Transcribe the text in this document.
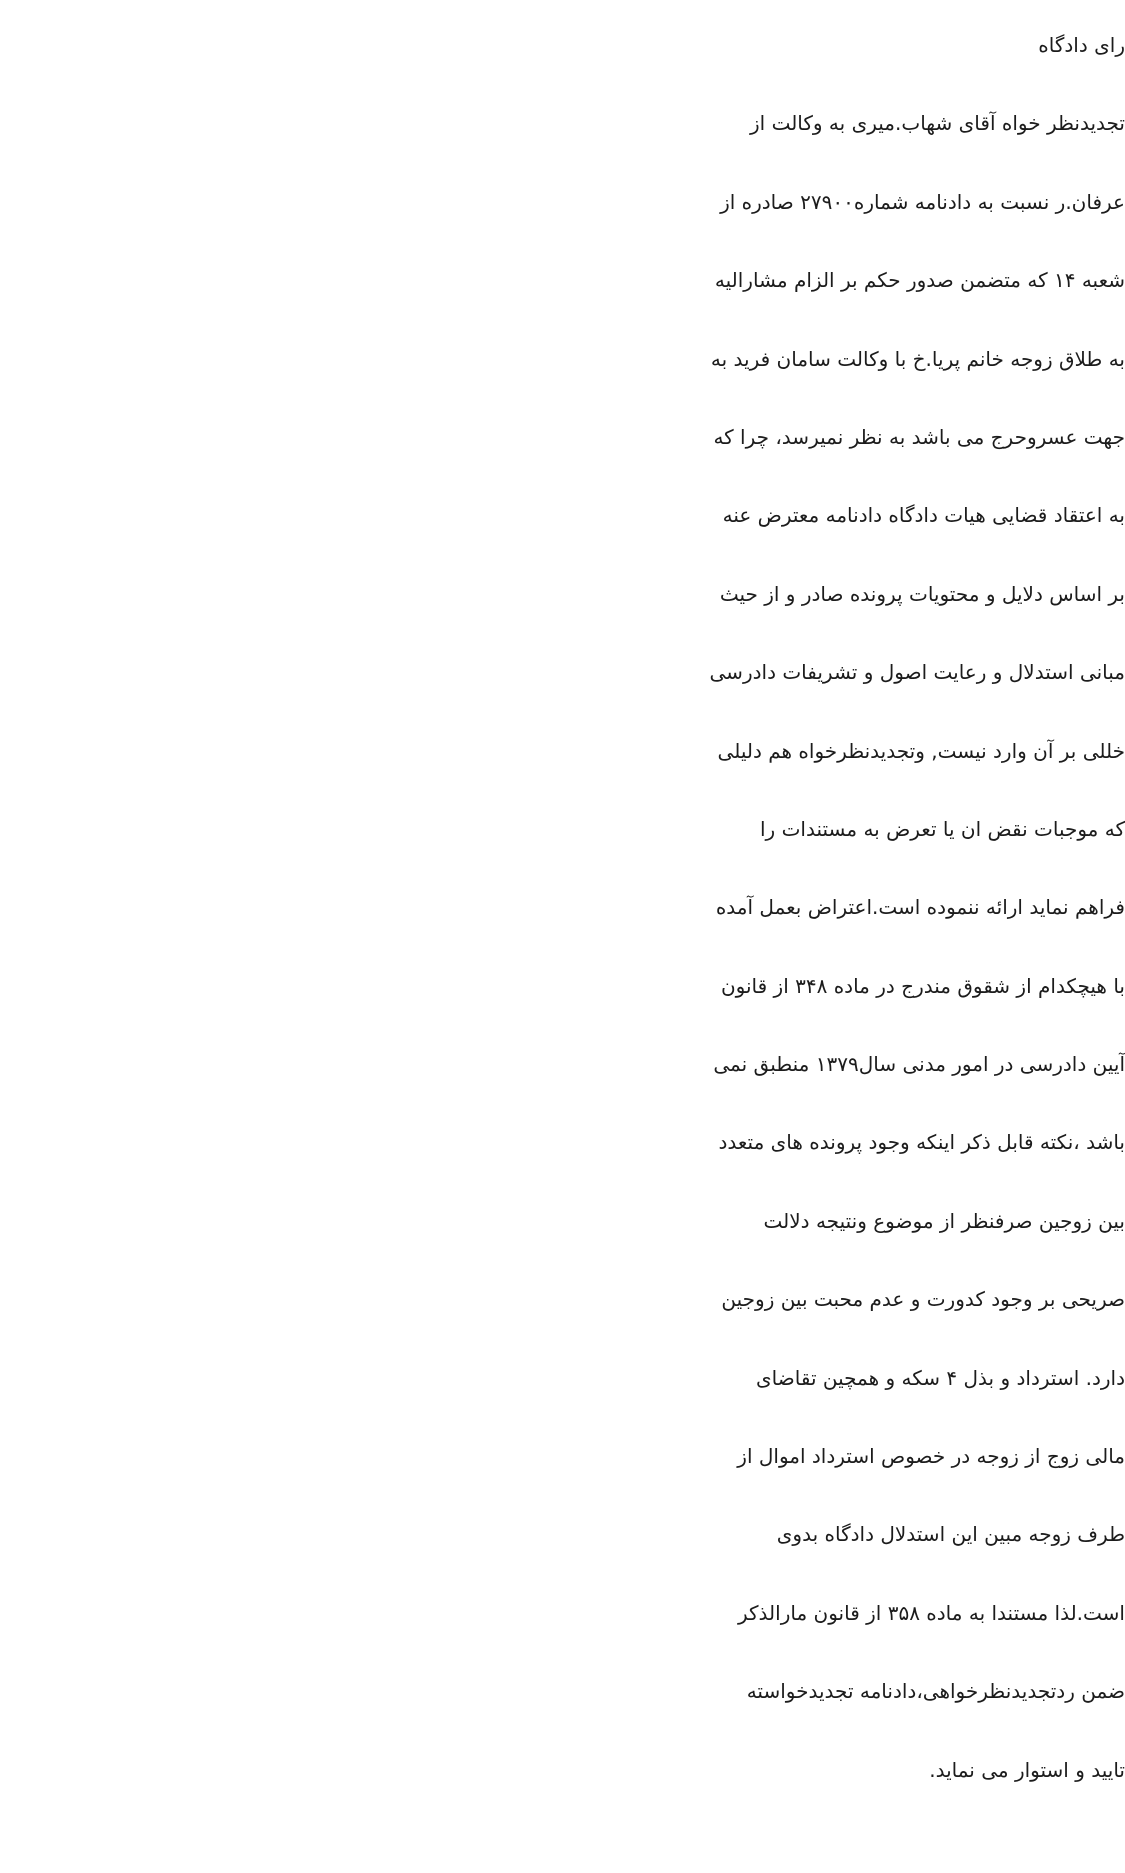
رای دادگاه
تجدیدنظر خواه آقای شهاب.میری به وکالت از
عرفان.ر نسبت به دادنامه شماره۲۷۹۰۰ صادره از
شعبه ۱۴ که متضمن صدور حکم بر الزام مشارالیه
به طلاق زوجه خانم پریا.خ با وکالت سامان فرید به
جهت عسروحرج می باشد به نظر نمیرسد، چرا که
به اعتقاد قضایی هیات دادگاه دادنامه معترض عنه
بر اساس دلایل و محتویات پرونده صادر و از حیث
مبانی استدلال و رعایت اصول و تشریفات دادرسی
خللی بر آن وارد نیست, وتجدیدنظرخواه هم دلیلی
که موجبات نقض ان یا تعرض به مستندات را
فراهم نماید ارائه ننموده است.اعتراض بعمل آمده
با هیچکدام از شقوق مندرج در ماده ۳۴۸ از قانون
آیین دادرسی در امور مدنی سال۱۳۷۹ منطبق نمی
باشد ،نکته قابل ذکر اینکه وجود پرونده های متعدد
بین زوجین صرفنظر از موضوع ونتیجه دلالت
صریحی بر وجود کدورت و عدم محبت بین زوجین
دارد. استرداد و بذل ۴ سکه و همچین تقاضای
مالی زوج از زوجه در خصوص استرداد اموال از
طرف زوجه مبین این استدلال دادگاه بدوی
است.لذا مستندا به ماده ۳۵۸ از قانون مارالذکر
ضمن ردتجدیدنظرخواهی،دادنامه تجدیدخواسته
تایید و استوار می نماید.
